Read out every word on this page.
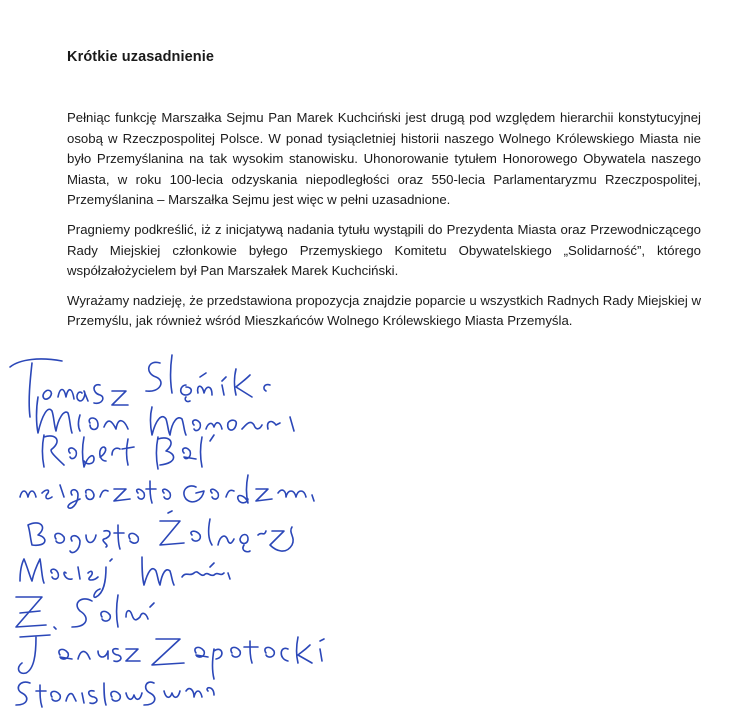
Krótkie uzasadnienie

Pełniąc funkcję Marszałka Sejmu Pan Marek Kuchciński jest drugą pod względem hierarchii konstytucyjnej osobą w Rzeczpospolitej Polsce. W ponad tysiącletniej historii naszego Wolnego Królewskiego Miasta nie było Przemyślanina na tak wysokim stanowisku. Uhonorowanie tytułem Honorowego Obywatela naszego Miasta, w roku 100-lecia odzyskania niepodległości oraz 550-lecia Parlamentaryzmu Rzeczpospolitej, Przemyślanina – Marszałka Sejmu jest więc w pełni uzasadnione.

Pragniemy podkreślić, iż z inicjatywą nadania tytułu wystąpili do Prezydenta Miasta oraz Przewodniczącego Rady Miejskiej członkowie byłego Przemyskiego Komitetu Obywatelskiego „Solidarność”, którego współzałożycielem był Pan Marszałek Marek Kuchciński.

Wyrażamy nadzieję, że przedstawiona propozycja znajdzie poparcie u wszystkich Radnych Rady Miejskiej w Przemyślu, jak również wśród Mieszkańców Wolnego Królewskiego Miasta Przemyśla.
